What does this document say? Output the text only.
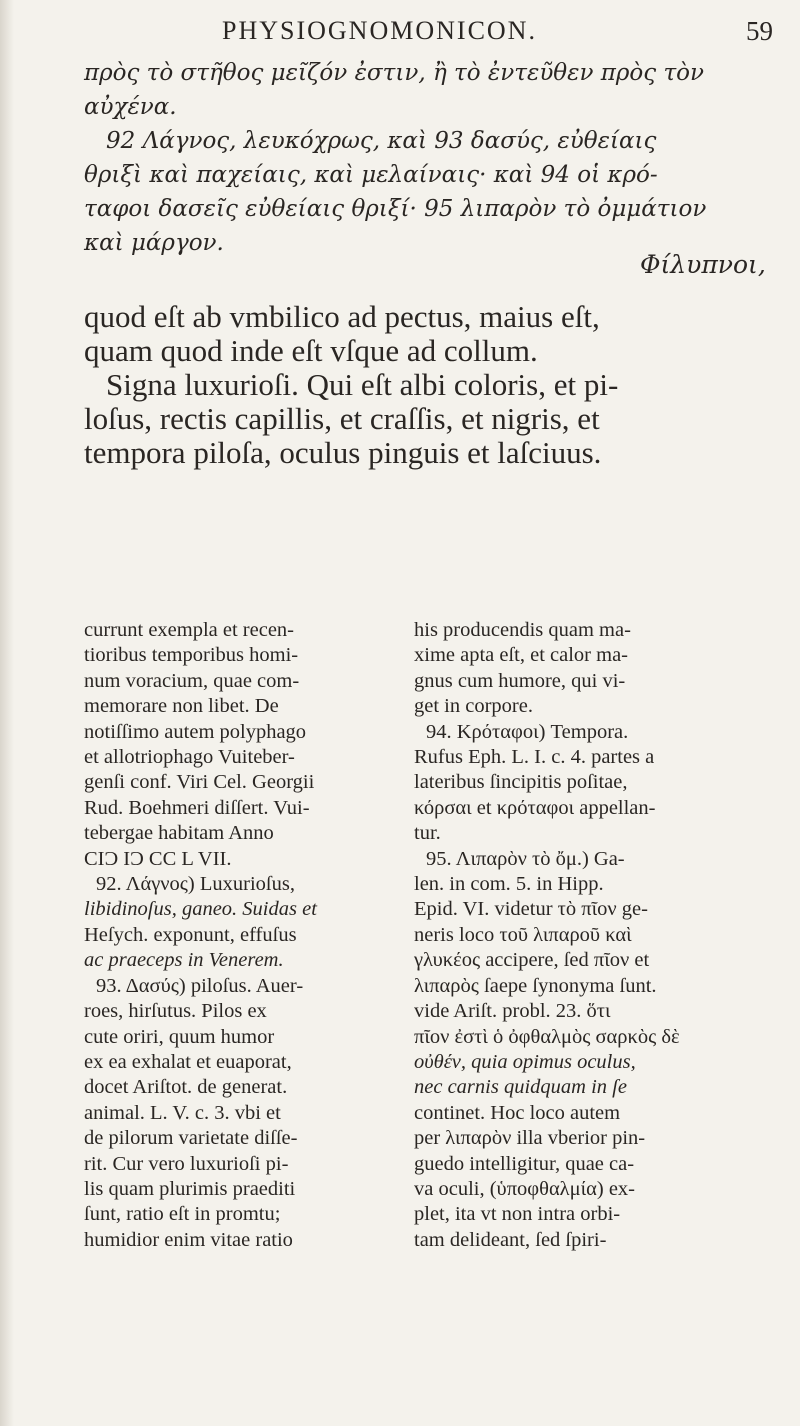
PHYSIOGNOMONICON.	59

πρὸς τὸ στῆθος μεῖζόν ἐστιν, ἢ τὸ ἐντεῦθεν πρὸς τὸν

αὐχένα.

92 Λάγνος, λευκόχρως, καὶ 93 δασύς, εὐθείαις

θριξὶ καὶ παχείαις, καὶ μελαίναις· καὶ 94 οἱ κρό-

ταφοι δασεῖς εὐθείαις θριξί· 95 λιπαρὸν τὸ ὀμμάτιον

καὶ μάργον.

Φίλυπνοι,

quod eſt ab vmbilico ad pectus, maius eſt,

quam quod inde eſt vſque ad collum.

Signa luxurioſi. Qui eſt albi coloris, et pi-

loſus, rectis capillis, et craſſis, et nigris, et

tempora piloſa, oculus pinguis et laſciuus.

currunt exempla et recen-

tioribus temporibus homi-

num voracium, quae com-

memorare non libet. De

notiſſimo autem polyphago

et allotriophago Vuiteber-

genſi conf. Viri Cel. Georgii

Rud. Boehmeri diſſert. Vui-

tebergae habitam Anno

CIƆ IƆ CC L VII.

92. Λάγνος) Luxurioſus,

libidinoſus, ganeo. Suidas et

Heſych. exponunt, effuſus

ac praeceps in Venerem.

93. Δασύς) piloſus. Auer-

roes, hirſutus. Pilos ex

cute oriri, quum humor

ex ea exhalat et euaporat,

docet Ariſtot. de generat.

animal. L. V. c. 3. vbi et

de pilorum varietate diſſe-

rit. Cur vero luxurioſi pi-

lis quam plurimis praediti

ſunt, ratio eſt in promtu;

humidior enim vitae ratio

his producendis quam ma-

xime apta eſt, et calor ma-

gnus cum humore, qui vi-

get in corpore.

94. Κρόταφοι) Tempora.

Rufus Eph. L. I. c. 4. partes a

lateribus ſincipitis poſitae,

κόρσαι et κρόταφοι appellan-

tur.

95. Λιπαρὸν τὸ ὄμ.) Ga-

len. in com. 5. in Hipp.

Epid. VI. videtur τὸ πῖον ge-

neris loco τοῦ λιπαροῦ καὶ

γλυκέος accipere, ſed πῖον et

λιπαρὸς ſaepe ſynonyma ſunt.

vide Ariſt. probl. 23. ὅτι

πῖον ἐστὶ ὁ ὀφθαλμὸς σαρκὸς δὲ

οὐθέν, quia opimus oculus,

nec carnis quidquam in ſe

continet. Hoc loco autem

per λιπαρὸν illa vberior pin-

guedo intelligitur, quae ca-

va oculi, (ὑποφθαλμία) ex-

plet, ita vt non intra orbi-

tam delideant, ſed ſpiri-
